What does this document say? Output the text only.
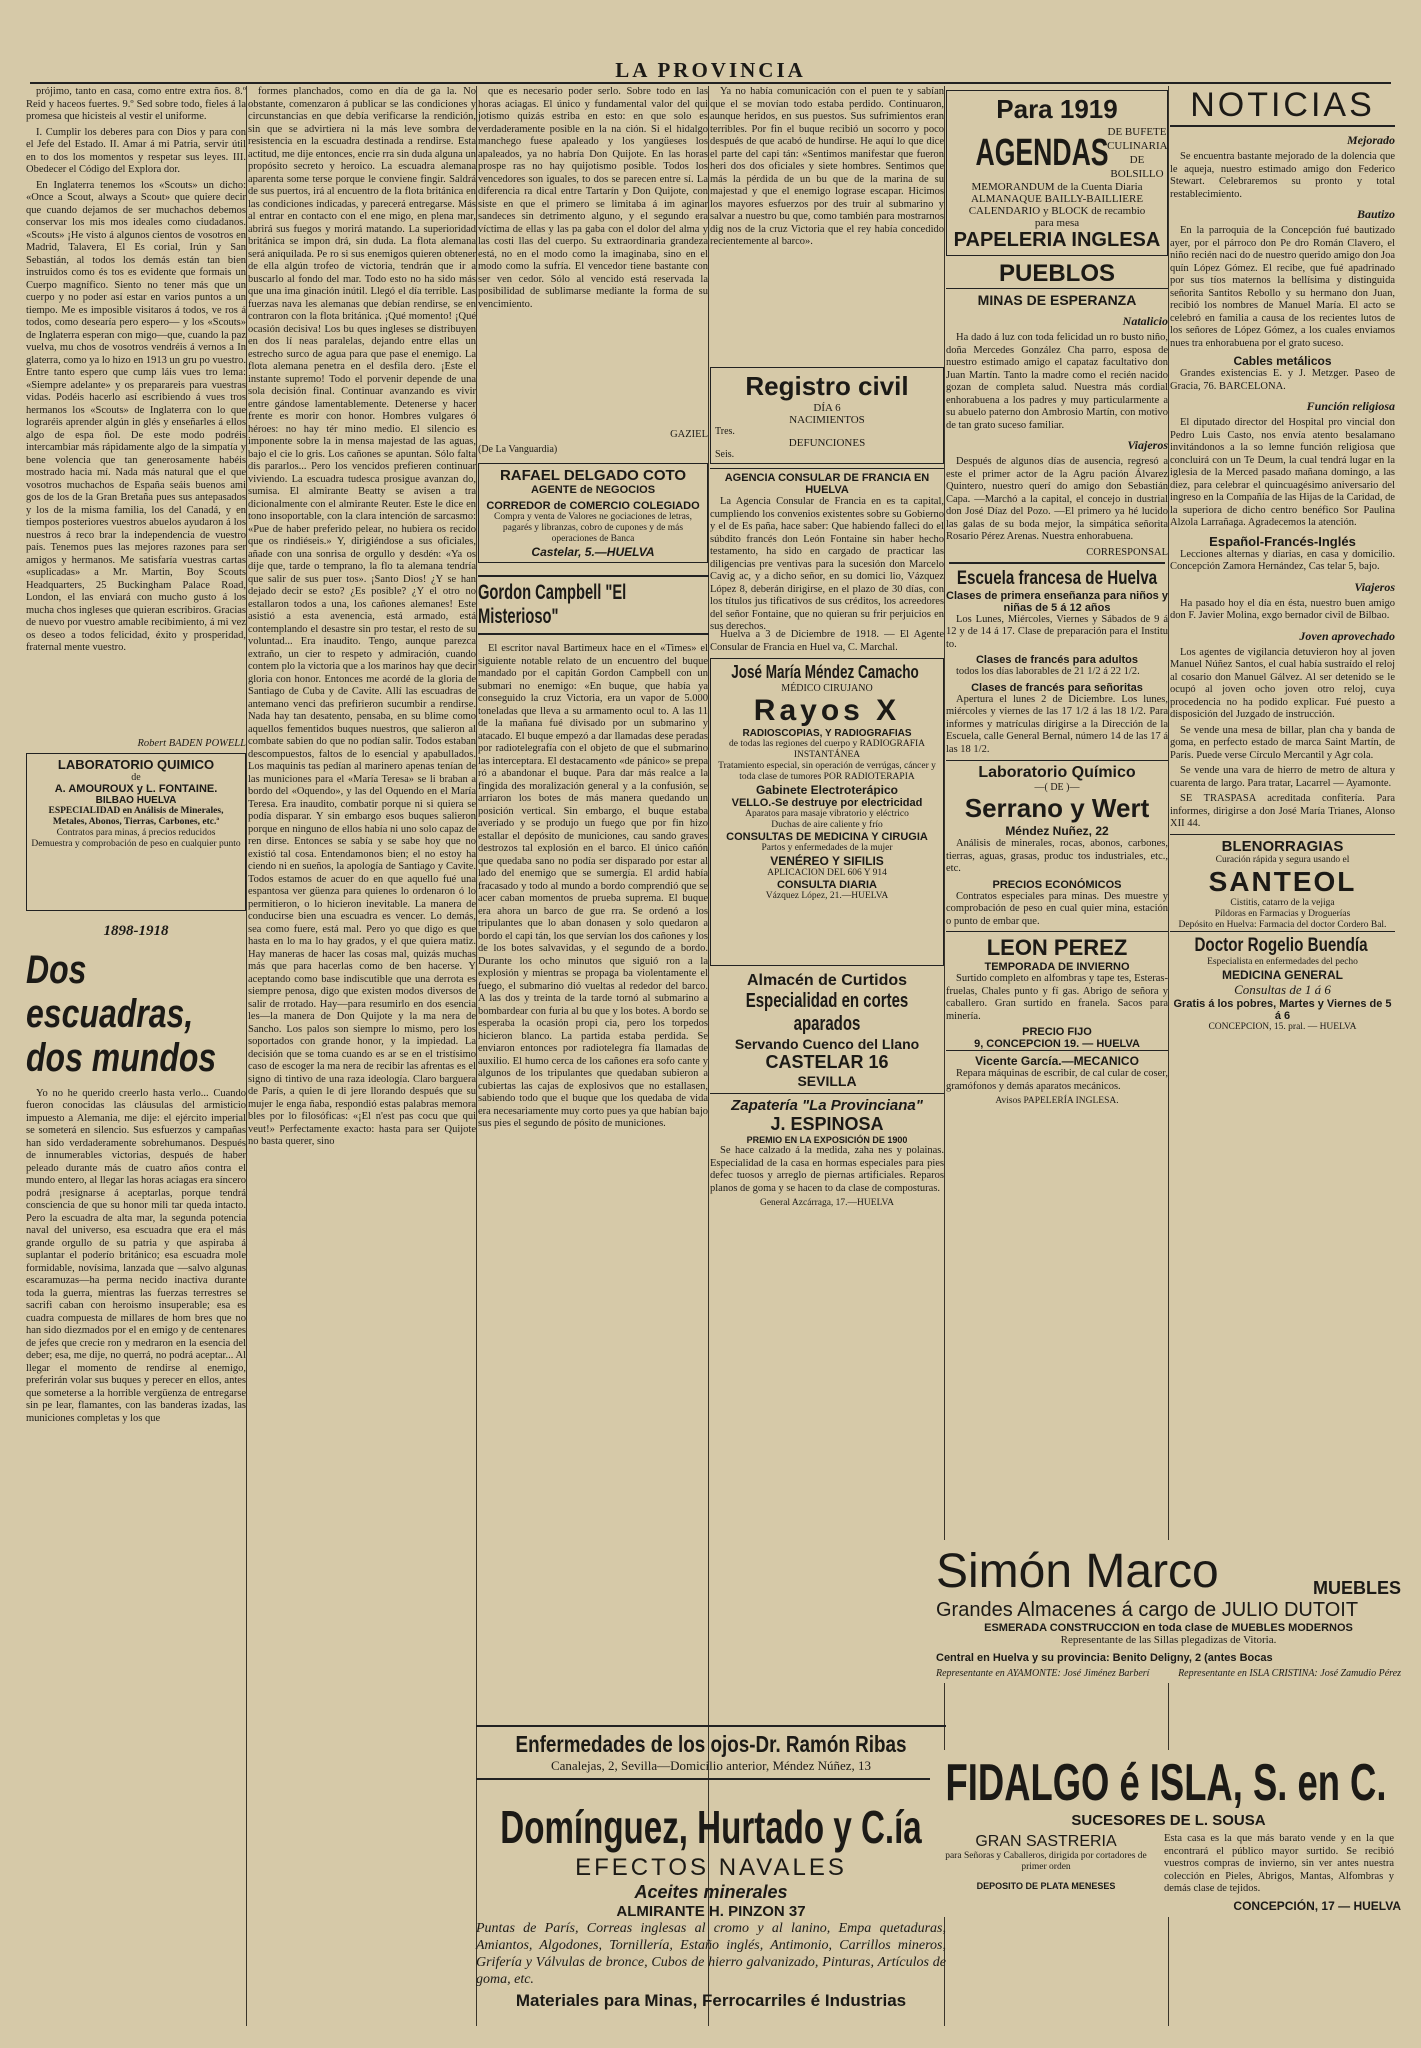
LA PROVINCIA

prójimo, tanto en casa, como entre extra ños. 8.º Reid y haceos fuertes. 9.º Sed sobre todo, fieles á la promesa que hicisteis al vestir el uniforme.

I. Cumplir los deberes para con Dios y para con el Jefe del Estado. II. Amar á mi Patria, servir útil en to dos los momentos y respetar sus leyes. III. Obedecer el Código del Explora dor.

En Inglaterra tenemos los «Scouts» un dicho: «Once a Scout, always a Scout» que quiere decir que cuando dejamos de ser muchachos debemos conservar los mis mos ideales como ciudadanos. «Scouts» ¡He visto á algunos cientos de vosotros en Madrid, Talavera, El Es corial, Irún y San Sebastián, al todos los demás están tan bien instruidos como és tos es evidente que formais un Cuerpo magnífico. Siento no tener más que un cuerpo y no poder así estar en varios puntos a un tiempo. Me es imposible visitaros á todos, ve ros á todos, como desearía pero espero— y los «Scouts» de Inglaterra esperan con migo—que, cuando la paz vuelva, mu chos de vosotros vendréis á vernos a In glaterra, como ya lo hizo en 1913 un gru po vuestro. Entre tanto espero que cump láis vues tro lema: «Siempre adelante» y os preparareis para vuestras vidas. Podéis hacerlo así escribiendo á vues tros hermanos los «Scouts» de Inglaterra con lo que lograréis aprender algún in glés y enseñarles á ellos algo de espa ñol. De este modo podréis intercambiar más rápidamente algo de la simpatía y bene volencia que tan generosamente habéis mostrado hacia mí. Nada más natural que el que vosotros muchachos de España seáis buenos ami gos de los de la Gran Bretaña pues sus antepasados y los de la misma familia, los del Canadá, y en tiempos posteriores vuestros abuelos ayudaron á los nuestros á reco brar la independencia de vuestro país. Tenemos pues las mejores razones para ser amigos y hermanos. Me satisfaría vuestras cartas «suplicadas» a Mr. Martin, Boy Scouts Headquarters, 25 Buckingham Palace Road, London, el las enviará con mucho gusto á los mucha chos ingleses que quieran escribiros. Gracias de nuevo por vuestro amable recibimiento, á mi vez os deseo a todos felicidad, éxito y prosperidad, fraternal mente vuestro.

Robert BADEN POWELL
LABORATORIO QUIMICO
de
A. AMOUROUX y L. FONTAINE.
BILBAO HUELVA
ESPECIALIDAD en Análisis de Minerales, Metales, Abonos, Tierras, Carbones, etc.ª
Contratos para minas, á precios reducidos
Demuestra y comprobación de peso en cualquier punto
1898-1918
Dos escuadras, dos mundos

Yo no he querido creerlo hasta verlo... Cuando fueron conocidas las cláusulas del armisticio impuesto a Alemania, me dije: el ejército imperial se someterá en silencio. Sus esfuerzos y campañas han sido verdaderamente sobrehumanos. Después de innumerables victorias, después de haber peleado durante más de cuatro años contra el mundo entero, al llegar las horas aciagas era síncero podrá ¡resignarse á aceptarlas, porque tendrá consciencia de que su honor mili tar queda intacto. Pero la escuadra de alta mar, la segunda potencia naval del universo, esa escuadra que era el más grande orgullo de su patria y que aspiraba á suplantar el poderío británico; esa escuadra mole formidable, novísima, lanzada que —salvo algunas escaramuzas—ha perma necido inactiva durante toda la guerra, mientras las fuerzas terrestres se sacrifi caban con heroismo insuperable; esa es cuadra compuesta de millares de hom bres que no han sido diezmados por el en emigo y de centenares de jefes que crecie ron y medraron en la esencia del deber; esa, me dije, no querrá, no podrá aceptar... Al llegar el momento de rendirse al enemigo, preferirán volar sus buques y perecer en ellos, antes que someterse a la horrible vergüenza de entregarse sin pe lear, flamantes, con las banderas izadas, las municiones completas y los que

formes planchados, como en día de ga la. No obstante, comenzaron á publicar se las condiciones y circunstancias en que debía verificarse la rendición, sin que se advirtiera ni la más leve sombra de resistencia en la escuadra destinada a rendirse. Esta actitud, me dije entonces, encie rra sin duda alguna un propósito secreto y heroico. La escuadra alemana aparenta some terse porque le conviene fingir. Saldrá de sus puertos, irá al encuentro de la flota británica en las condiciones indicadas, y parecerá entregarse. Más al entrar en contacto con el ene migo, en plena mar, abrirá sus fuegos y morirá matando. La superioridad británica se impon drá, sin duda. La flota alemana será aniquilada. Pe ro si sus enemigos quieren obtener de ella algún trofeo de victoria, tendrán que ir a buscarlo al fondo del mar. Todo esto no ha sido más que una ima ginación inútil. Llegó el día terrible. Las fuerzas nava les alemanas que debían rendirse, se en contraron con la flota británica. ¡Qué momento! ¡Qué ocasión decisiva! Los bu ques ingleses se distribuyen en dos lí neas paralelas, dejando entre ellas un estrecho surco de agua para que pase el enemigo. La flota alemana penetra en el desfila dero. ¡Este el instante supremo! Todo el porvenir depende de una sola decisión final. Continuar avanzando es vivir entre gándose lamentablemente. Detenerse y hacer frente es morir con honor. Hombres vulgares ó héroes: no hay tér mino medio. El silencio es imponente sobre la in mensa majestad de las aguas, bajo el cie lo gris. Los cañones se apuntan. Sólo falta dis pararlos... Pero los vencidos prefieren continuar viviendo. La escuadra tudesca prosigue avanzan do, sumisa. El almirante Beatty se avisen a tra dicionalmente con el almirante Reuter. Este le dice en tono insoportable, con la clara intención de sarcasmo: «Pue de haber preferido pelear, no hubiera os recido que os rindiéseis.» Y, dirigiéndose a sus oficiales, añade con una sonrisa de orgullo y desdén: «Ya os dije que, tarde o temprano, la flo ta alemana tendría que salir de sus puer tos». ¡Santo Dios! ¿Y se han dejado decir se esto? ¿Es posible? ¿Y el otro no estallaron todos a una, los cañones alemanes! Este asistió a esta avenencia, está armado, está contemplando el desastre sin pro testar, el resto de su voluntad... Era inaudito. Tengo, aunque parezca extraño, un cier to respeto y admiración, cuando contem plo la victoria que a los marinos hay que decir gloria con honor. Entonces me acordé de la gloria de Santiago de Cuba y de Cavite. Allí las escuadras de antemano venci das prefirieron sucumbir a rendirse. Nada hay tan desatento, pensaba, en su blime como aquellos fementidos buques nuestros, que salieron al combate sabien do que no podían salir. Todos estaban descompuestos, faltos de lo esencial y apabullados. Los maquinis tas pedían al marinero apenas tenían de las municiones para el «María Teresa» se li braban a bordo del «Oquendo», y las del Oquendo en el María Teresa. Era inaudito, combatir porque ni si quiera se podía disparar. Y sin embargo esos buques salieron porque en ninguno de ellos había ni uno solo capaz de ren dirse. Entonces se sabía y se sabe hoy que no existió tal cosa. Entendamonos bien; el no estoy ha ciendo ni en sueños, la apología de Santiago y Cavite. Todos estamos de acuer do en que aquello fué una espantosa ver güenza para quienes lo ordenaron ó lo permitieron, o lo hicieron inevitable. La manera de conducirse bien una escuadra es vencer. Lo demás, sea como fuere, está mal. Pero yo que digo es que hasta en lo ma lo hay grados, y el que quiera matiz. Hay maneras de hacer las cosas mal, quizás muchas más que para hacerlas como de ben hacerse. Y aceptando como base indiscutible que una derrota es siempre penosa, digo que existen modos diversos de salir de rrotado. Hay—para resumirlo en dos esencia les—la manera de Don Quijote y la ma nera de Sancho. Los palos son siempre lo mismo, pero los soportados con grande honor, y la impiedad. La decisión que se toma cuando es ar se en el tristísimo caso de escoger la ma nera de recibir las afrentas es el signo di tintivo de una raza ideología. Claro barguera de París, a quien le di jere llorando después que su mujer le enga ñaba, respondió estas palabras memora bles por lo filosóficas: «¡El n'est pas cocu que qui veut!» Perfectamente exacto: hasta para ser Quijote no basta querer, sino

que es necesario poder serlo. Sobre todo en las horas aciagas. El único y fundamental valor del qui jotismo quizás estriba en esto: en que solo es verdaderamente posible en la na ción. Si el hidalgo manchego fuese apaleado y los yangüeses los apaleados, ya no habría Don Quijote. En las horas prospe ras no hay quijotismo posible. Todos los vencedores son iguales, to dos se parecen entre sí. La diferencia ra dical entre Tartarín y Don Quijote, con siste en que el primero se limitaba á im aginar sandeces sin detrimento alguno, y el segundo era víctima de ellas y las pa gaba con el dolor del alma y las costi llas del cuerpo. Su extraordinaria grandeza está, no en el modo como la imaginaba, sino en el modo como la sufría. El vencedor tiene bastante con ser ven cedor. Sólo al vencido está reservada la posibilidad de sublimarse mediante la forma de su vencimiento.

GAZIEL
(De La Vanguardia)
RAFAEL DELGADO COTO
AGENTE de NEGOCIOS
CORREDOR de COMERCIO COLEGIADO
Compra y venta de Valores ne gociaciones de letras, pagarés y libranzas, cobro de cupones y de más operaciones de Banca
Castelar, 5.—HUELVA
Gordon Campbell "El Misterioso"

El escritor naval Bartimeux hace en el «Times» el siguiente notable relato de un encuentro del buque mandado por el capitán Gordon Campbell con un submari no enemigo: «En buque, que había ya conseguido la cruz Victoria, era un vapor de 5.000 toneladas que lleva a su armamento ocul to. A las 11 de la mañana fué divisado por un submarino y atacado. El buque empezó a dar llamadas dese peradas por radiotelegrafía con el objeto de que el submarino las interceptara. El destacamento «de pánico» se prepa ró a abandonar el buque. Para dar más realce a la fingida des moralización general y a la confusión, se arriaron los botes de más manera quedando un posición vertical. Sin embargo, el buque estaba averiado y se produjo un fuego que por fin hizo estallar el depósito de municiones, cau sando graves destrozos tal explosión en el barco. El único cañón que quedaba sano no podía ser disparado por estar al lado del enemigo que se sumergía. El ardid había fracasado y todo al mundo a bordo comprendió que se acer caban momentos de prueba suprema. El buque era ahora un barco de gue rra. Se ordenó a los tripulantes que lo aban donasen y solo quedaron a bordo el capi tán, los que servían los dos cañones y los de los botes salvavidas, y el segundo de a bordo. Durante los ocho minutos que siguió ron a la explosión y mientras se propaga ba violentamente el fuego, el submarino dió vueltas al rededor del barco. A las dos y treinta de la tarde tornó al submarino a bombardear con furia al bu que y los botes. A bordo se esperaba la ocasión propi cia, pero los torpedos hicieron blanco. La partida estaba perdida. Se enviaron entonces por radiotelegra fía llamadas de auxilio. El humo cerca de los cañones era sofo cante y algunos de los tripulantes que quedaban subieron a cubiertas las cajas de explosivos que no estallasen, sabiendo todo que el buque que los quedaba de vida era necesariamente muy corto pues ya que habían bajo sus pies el segundo de pósito de municiones.

Ya no había comunicación con el puen te y sabían que el se movían todo estaba perdido. Continuaron, aunque heridos, en sus puestos. Sus sufrimientos eran terribles. Por fin el buque recibió un socorro y poco después de que acabó de hundirse. He aquí lo que dice el parte del capi tán: «Sentimos manifestar que fueron heri dos dos oficiales y siete hombres. Sentimos que más la pérdida de un bu que de la marina de su majestad y que el enemigo lograse escapar. Hicimos los mayores esfuerzos por des truir al submarino y salvar a nuestro bu que, como también para mostrarnos dig nos de la cruz Victoria que el rey había concedido recientemente al barco».

Registro civil
DÍA 6
NACIMIENTOS
Tres.
DEFUNCIONES
Seis.
AGENCIA CONSULAR DE FRANCIA EN HUELVA

La Agencia Consular de Francia en es ta capital, cumpliendo los convenios existentes sobre su Gobierno y el de Es paña, hace saber: Que habiendo falleci do el súbdito francés don León Fontaine sin haber hecho testamento, ha sido en cargado de practicar las diligencias pre ventivas para la sucesión don Marcelo Cavig ac, y a dicho señor, en su domici lio, Vázquez López 8, deberán dirigirse, en el plazo de 30 días, con los títulos jus tificativos de sus créditos, los acreedores del señor Fontaine, que no quieran su frir perjuicios en sus derechos.

Huelva a 3 de Diciembre de 1918. — El Agente Consular de Francia en Huel va, C. Marchal.

José María Méndez Camacho
MÉDICO CIRUJANO
Rayos X
RADIOSCOPIAS, Y RADIOGRAFIAS
de todas las regiones del cuerpo y RADIOGRAFIA INSTANTÁNEA
Tratamiento especial, sin operación de verrúgas, cáncer y toda clase de tumores POR RADIOTERAPIA
Gabinete Electroterápico
VELLO.-Se destruye por electricidad
Aparatos para masaje vibratorio y eléctrico
Duchas de aire caliente y frío
CONSULTAS DE MEDICINA Y CIRUGIA
Partos y enfermedades de la mujer
VENÉREO Y SIFILIS
APLICACION DEL 606 Y 914
CONSULTA DIARIA
Vázquez López, 21.—HUELVA
Almacén de Curtidos
Especialidad en cortes aparados
Servando Cuenco del Llano
CASTELAR 16
SEVILLA
Zapatería "La Provinciana"
J. ESPINOSA
PREMIO EN LA EXPOSICIÓN DE 1900

Se hace calzado á la medida, zaha nes y polainas. Especialidad de la casa en hormas especiales para pies defec tuosos y arreglo de piernas artificiales. Reparos planos de goma y se hacen to da clase de composturas.

General Azcárraga, 17.—HUELVA
Para 1919
AGENDAS
DE BUFETE CULINARIA DE BOLSILLO
MEMORANDUM de la Cuenta Diaria
ALMANAQUE BAILLY-BAILLIERE
CALENDARIO y BLOCK de recambio
para mesa
PAPELERIA INGLESA
PUEBLOS
MINAS DE ESPERANZA
Natalicio

Ha dado á luz con toda felicidad un ro busto niño, doña Mercedes González Cha parro, esposa de nuestro estimado amigo el capataz facultativo don Juan Martín. Tanto la madre como el recién nacido gozan de completa salud. Nuestra más cordial enhorabuena a los padres y muy particularmente a su abuelo paterno don Ambrosio Martín, con motivo de tan grato suceso familiar.

Viajeros

Después de algunos días de ausencia, regresó a este el primer actor de la Agru pación Álvarez Quintero, nuestro querí do amigo don Sebastián Capa. —Marchó a la capital, el concejo in dustrial don José Díaz del Pozo. —El primero ya hé lucido las galas de su boda mejor, la simpática señorita Rosario Pérez Arenas. Nuestra enhorabuena.

CORRESPONSAL
Escuela francesa de Huelva
Clases de primera enseñanza para niños y niñas de 5 á 12 años

Los Lunes, Miércoles, Viernes y Sábados de 9 á 12 y de 14 á 17. Clase de preparación para el Institu to.

Clases de francés para adultos

todos los días laborables de 21 1/2 á 22 1/2.

Clases de francés para señoritas

Apertura el lunes 2 de Diciembre. Los lunes, miércoles y viernes de las 17 1/2 á las 18 1/2. Para informes y matrículas dirigirse a la Dirección de la Escuela, calle General Bernal, número 14 de las 17 á las 18 1/2.

Laboratorio Químico
—( DE )—
Serrano y Wert
Méndez Nuñez, 22

Análisis de minerales, rocas, abonos, carbones, tierras, aguas, grasas, produc tos industriales, etc., etc.

PRECIOS ECONÓMICOS

Contratos especiales para minas. Des muestre y comprobación de peso en cual quier mina, estación o punto de embar que.

LEON PEREZ
TEMPORADA DE INVIERNO

Surtido completo en alfombras y tape tes, Esteras-fruelas, Chales punto y fí gas. Abrigo de señora y caballero. Gran surtido en franela. Sacos para minería.

PRECIO FIJO
9, CONCEPCION 19. — HUELVA
Vicente García.—MECANICO

Repara máquinas de escribir, de cal cular de coser, gramófonos y demás aparatos mecánicos.

Avisos PAPELERÍA INGLESA.
NOTICIAS
Mejorado

Se encuentra bastante mejorado de la dolencia que le aqueja, nuestro estimado amigo don Federico Stewart. Celebraremos su pronto y total restablecimiento.

Bautizo

En la parroquia de la Concepción fué bautizado ayer, por el párroco don Pe dro Román Clavero, el niño recién naci do de nuestro querido amigo don Joa quín López Gómez. El recibe, que fué apadrinado por sus tíos maternos la bellísima y distinguida señorita Santitos Rebollo y su hermano don Juan, recibió los nombres de Manuel María. El acto se celebró en familia a causa de los recientes lutos de los señores de López Gómez, a los cuales enviamos nues tra enhorabuena por el grato suceso.

Cables metálicos

Grandes existencias E. y J. Metzger. Paseo de Gracia, 76. BARCELONA.

Función religiosa

El diputado director del Hospital pro vincial don Pedro Luis Casto, nos envía atento besalamano invitándonos a la so lemne función religiosa que concluirá con un Te Deum, la cual tendrá lugar en la iglesia de la Merced pasado mañana domingo, a las diez, para celebrar el quincuagésimo aniversario del ingreso en la Compañía de las Hijas de la Caridad, de la superiora de dicho centro benéfico Sor Paulina Alzola Larrañaga. Agradecemos la atención.

Español-Francés-Inglés

Lecciones alternas y diarias, en casa y domicilio. Concepción Zamora Hernández, Cas telar 5, bajo.

Viajeros

Ha pasado hoy el día en ésta, nuestro buen amigo don F. Javier Molina, exgo bernador civil de Bilbao.

Joven aprovechado

Los agentes de vigilancia detuvieron hoy al joven Manuel Núñez Santos, el cual había sustraído el reloj al cosario don Manuel Gálvez. Al ser detenido se le ocupó al joven ocho joven otro reloj, cuya procedencia no ha podido explicar. Fué puesto a disposición del Juzgado de instrucción.

Se vende una mesa de billar, plan cha y banda de goma, en perfecto estado de marca Saint Martín, de París. Puede verse Círculo Mercantil y Agr cola.

Se vende una vara de hierro de metro de altura y cuarenta de largo. Para tratar, Lacarrel — Ayamonte.

SE TRASPASA acreditada confitería. Para informes, dirigirse a don José María Trianes, Alonso XII 44.

BLENORRAGIAS
Curación rápida y segura usando el
SANTEOL
Cistitis, catarro de la vejiga
Píldoras en Farmacias y Droguerías
Depósito en Huelva: Farmacia del doctor Cordero Bal.
Doctor Rogelio Buendía
Especialista en enfermedades del pecho
MEDICINA GENERAL
Consultas de 1 á 6
Gratis á los pobres, Martes y Viernes de 5 á 6
CONCEPCION, 15. pral. — HUELVA
Enfermedades de los ojos-Dr. Ramón Ribas
Canalejas, 2, Sevilla—Domicilio anterior, Méndez Núñez, 13
Domínguez, Hurtado y C.ía
EFECTOS NAVALES
Aceites minerales
ALMIRANTE H. PINZON 37

Puntas de París, Correas inglesas al cromo y al lanino, Empa quetaduras, Amiantos, Algodones, Tornillería, Estaño inglés, Antimonio, Carrillos mineros, Grifería y Válvulas de bronce, Cubos de hierro galvanizado, Pinturas, Artículos de goma, etc.

Materiales para Minas, Ferrocarriles é Industrias
Simón Marco	MUEBLES
Grandes Almacenes á cargo de JULIO DUTOIT
ESMERADA CONSTRUCCION en toda clase de MUEBLES MODERNOS
Representante de las Sillas plegadizas de Vitoria.
Central en Huelva y su provincia: Benito Deligny, 2 (antes Bocas
Representante en AYAMONTE: José Jiménez Barberí	Representante en ISLA CRISTINA: José Zamudio Pérez
FIDALGO é ISLA, S. en C.
SUCESORES DE L. SOUSA
GRAN SASTRERIA
para Señoras y Caballeros, dirigida por cortadores de primer orden
DEPOSITO DE PLATA MENESES

Esta casa es la que más barato vende y en la que encontrará el público mayor surtido. Se recibió vuestros compras de invierno, sin ver antes nuestra colección en Pieles, Abrigos, Mantas, Alfombras y demás clase de tejidos.

CONCEPCIÓN, 17 — HUELVA
